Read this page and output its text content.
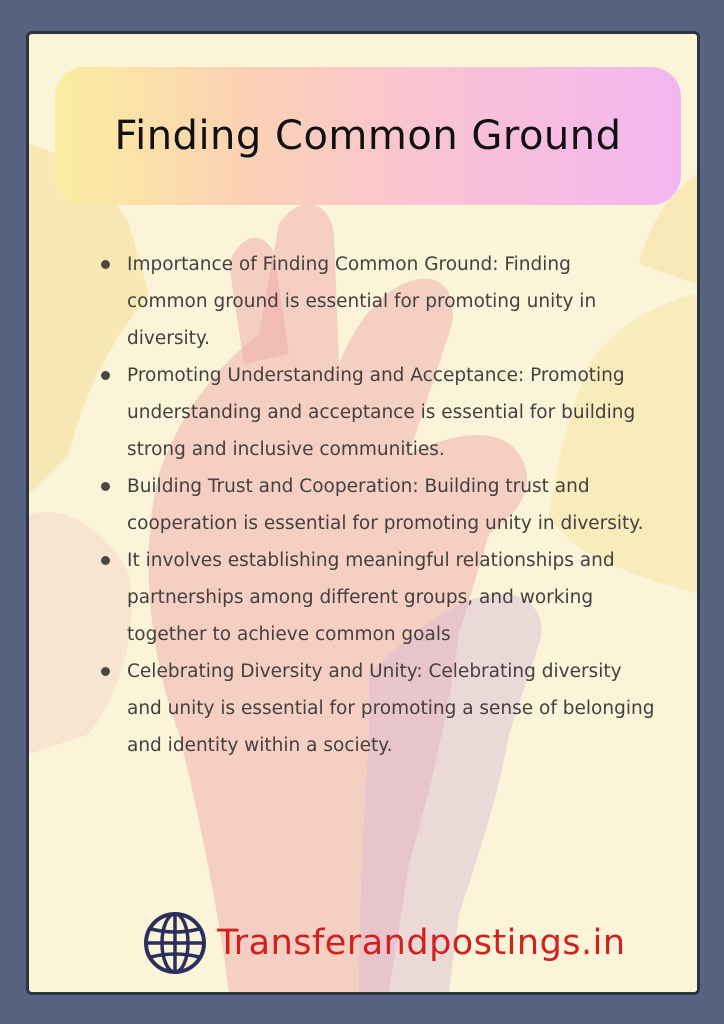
Finding Common Ground
Importance of Finding Common Ground: Finding common ground is essential for promoting unity in diversity.
Promoting Understanding and Acceptance: Promoting understanding and acceptance is essential for building strong and inclusive communities.
Building Trust and Cooperation: Building trust and cooperation is essential for promoting unity in diversity.
It involves establishing meaningful relationships and partnerships among different groups, and working together to achieve common goals
Celebrating Diversity and Unity: Celebrating diversity and unity is essential for promoting a sense of belonging and identity within a society.
Transferandpostings.in
